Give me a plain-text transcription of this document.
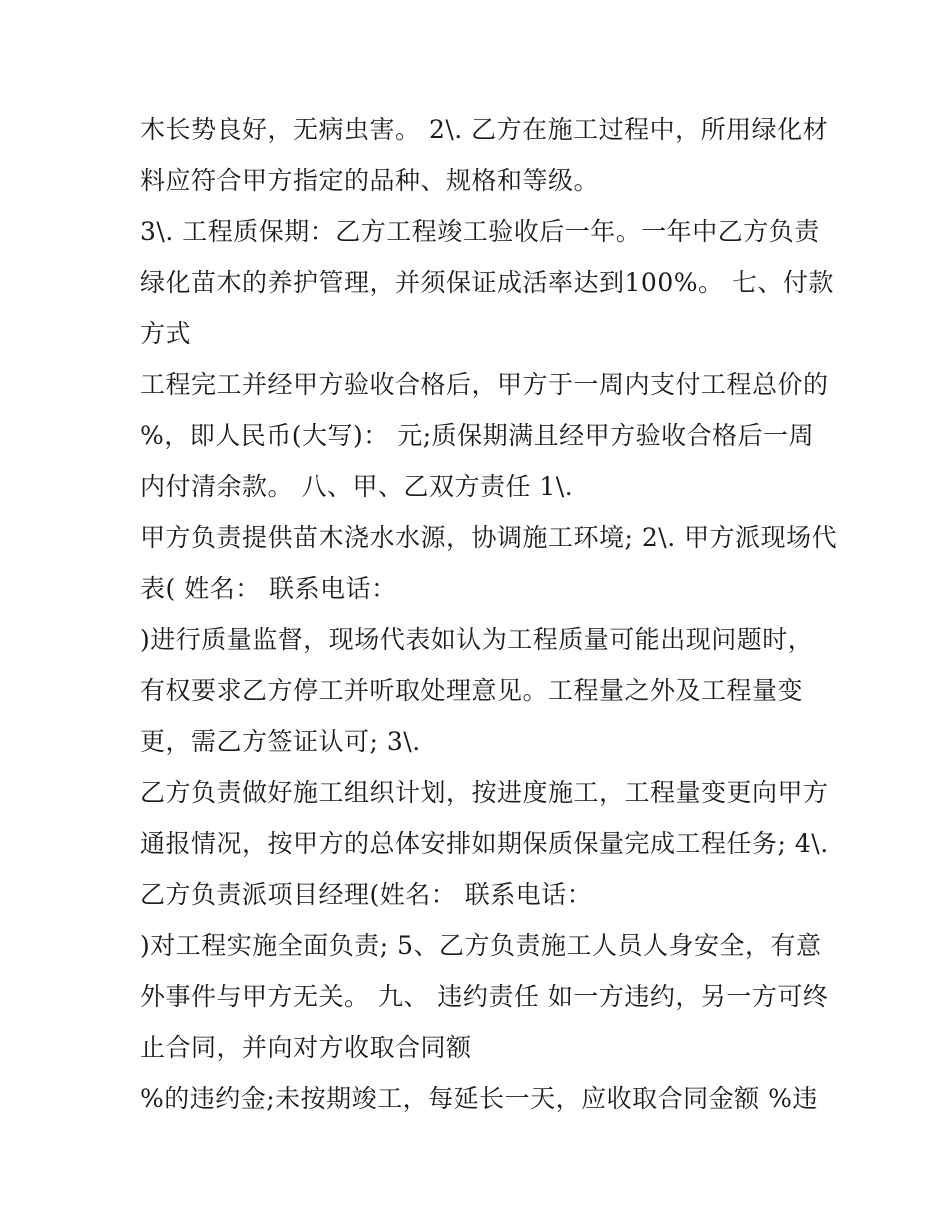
木长势良好，无病虫害。 2\. 乙方在施工过程中，所用绿化材
料应符合甲方指定的品种、规格和等级。
3\. 工程质保期：乙方工程竣工验收后一年。一年中乙方负责
绿化苗木的养护管理，并须保证成活率达到100%。 七、付款
方式
工程完工并经甲方验收合格后，甲方于一周内支付工程总价的
%，即人民币(大写)： 元;质保期满且经甲方验收合格后一周
内付清余款。 八、甲、乙双方责任 1\.
甲方负责提供苗木浇水水源，协调施工环境; 2\. 甲方派现场代
表( 姓名： 联系电话：
)进行质量监督，现场代表如认为工程质量可能出现问题时，
有权要求乙方停工并听取处理意见。工程量之外及工程量变
更，需乙方签证认可; 3\.
乙方负责做好施工组织计划，按进度施工，工程量变更向甲方
通报情况，按甲方的总体安排如期保质保量完成工程任务; 4\.
乙方负责派项目经理(姓名： 联系电话：
)对工程实施全面负责; 5、乙方负责施工人员人身安全，有意
外事件与甲方无关。 九、 违约责任 如一方违约，另一方可终
止合同，并向对方收取合同额
%的违约金;未按期竣工，每延长一天，应收取合同金额 %违
